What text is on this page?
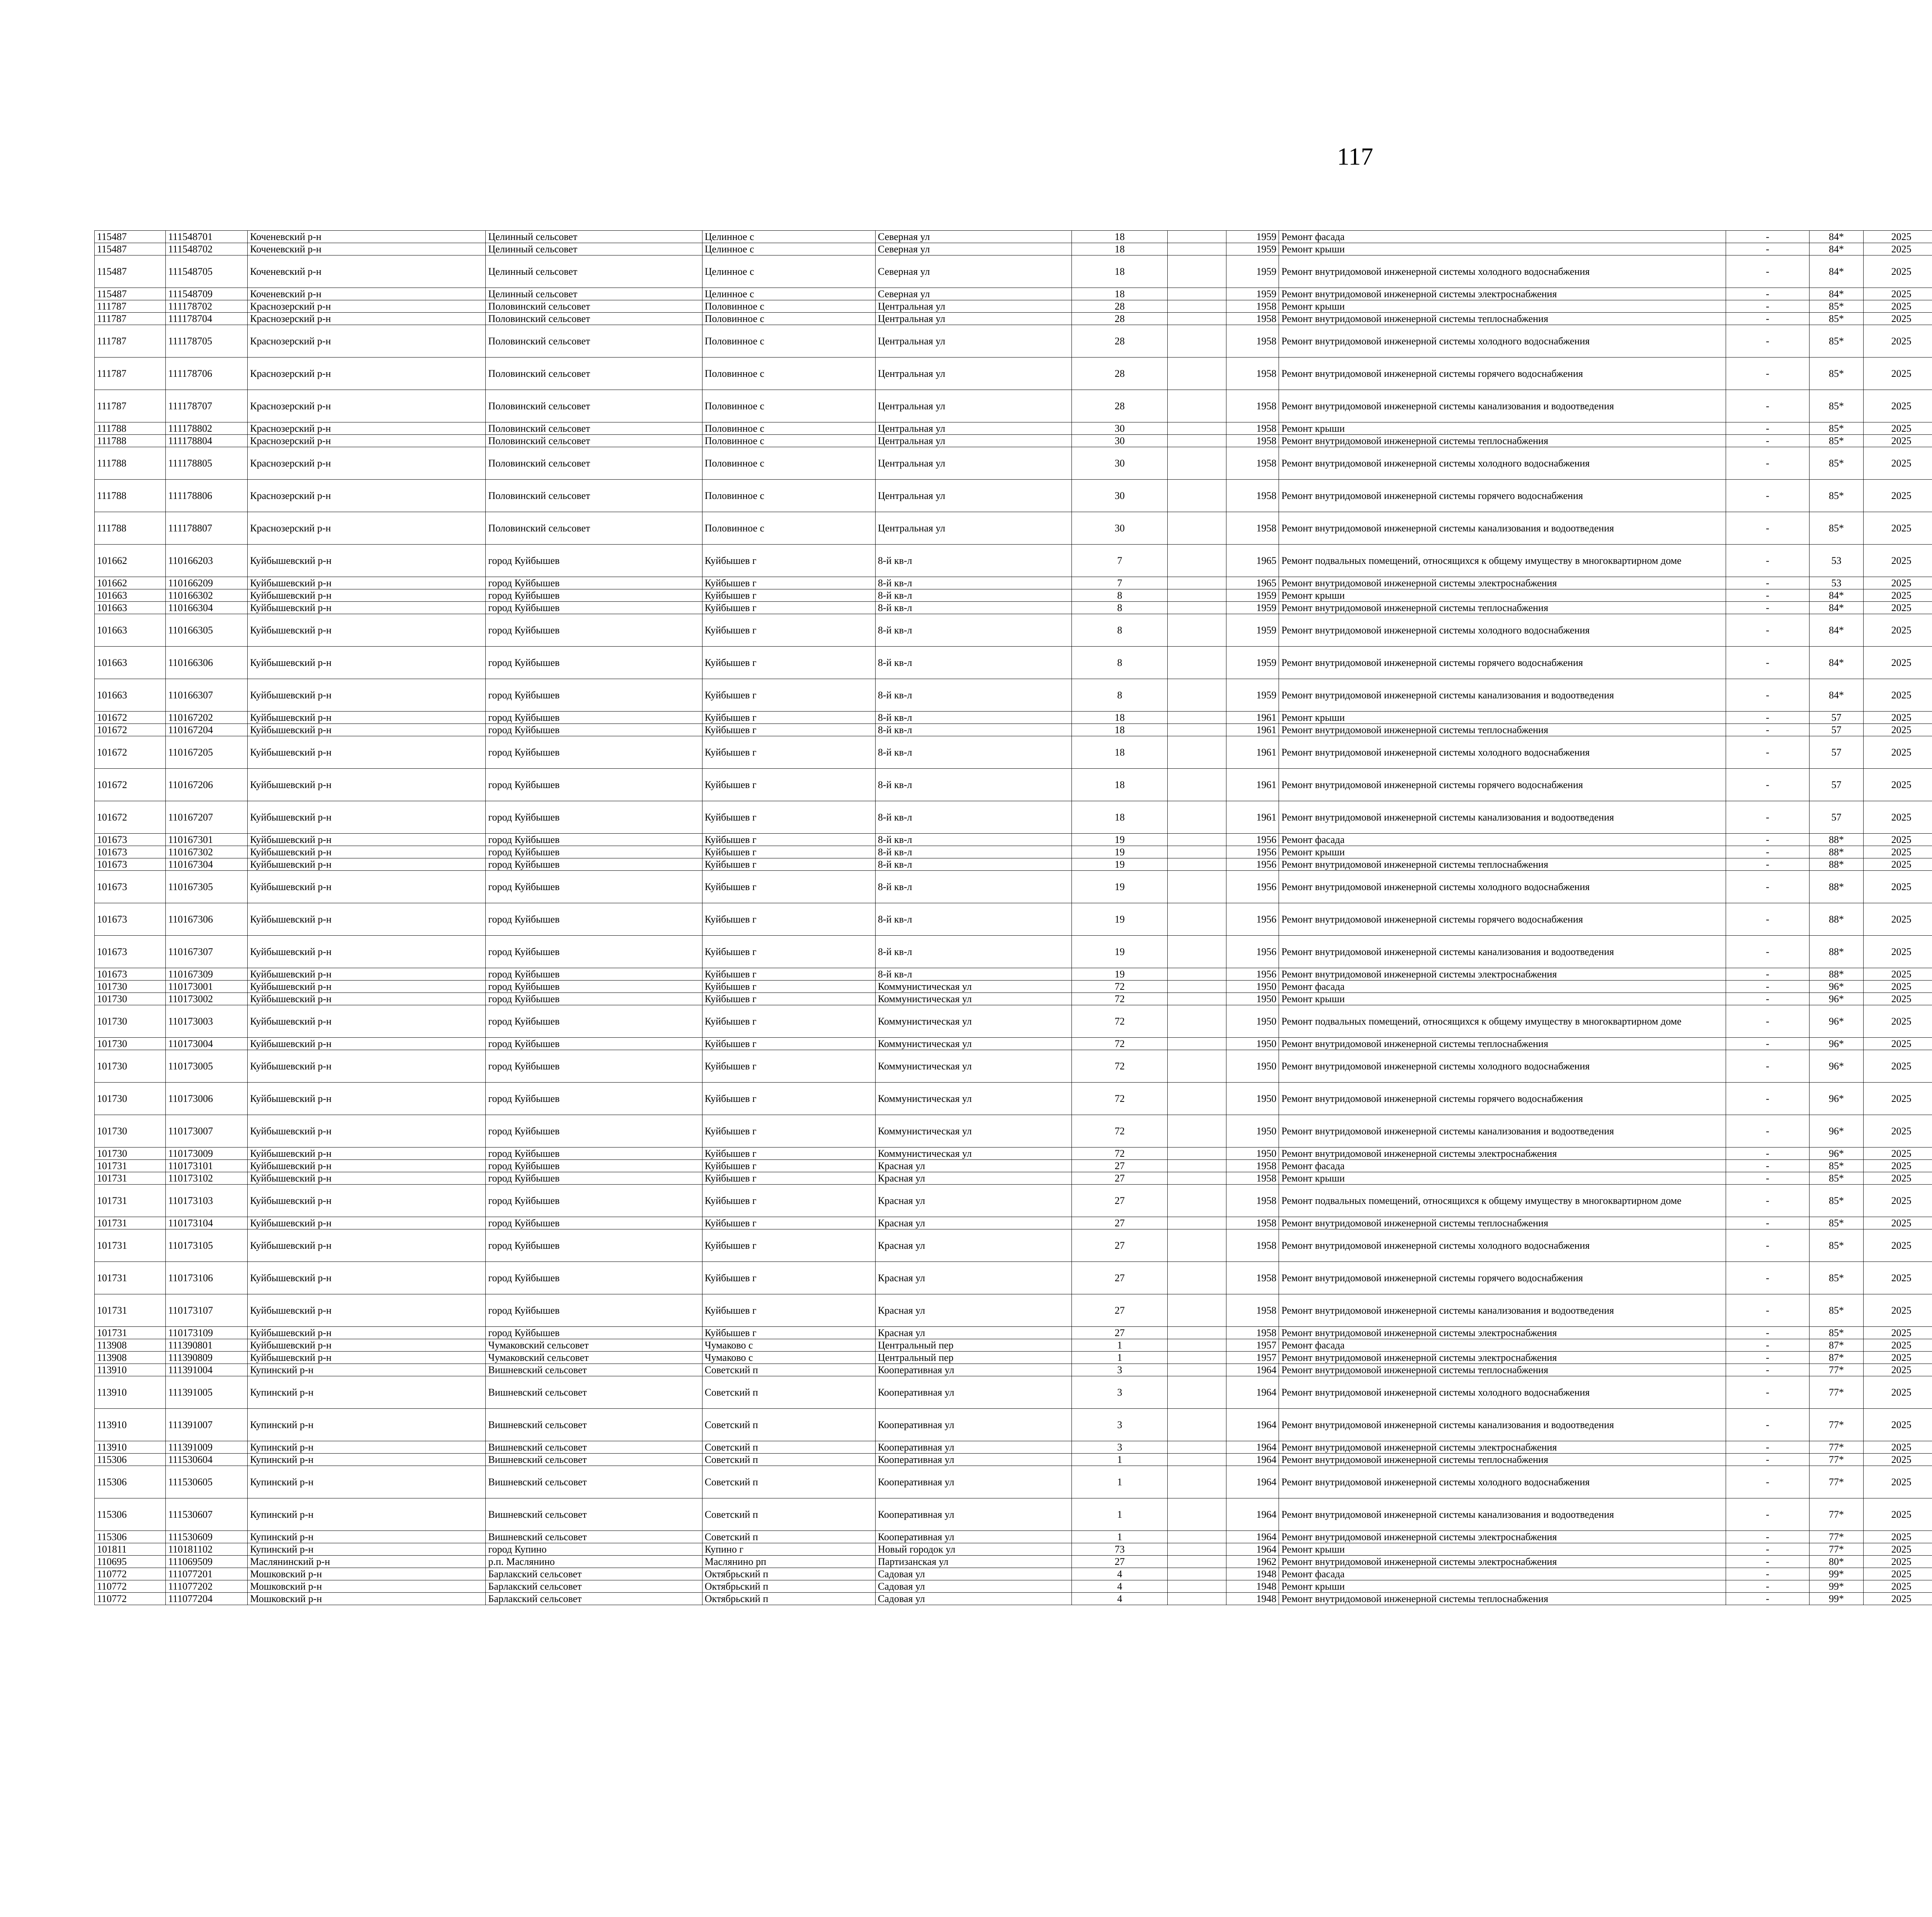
117
115487	111548701	Коченевский р-н	Целинный сельсовет	Целинное с	Северная ул	18		1959	Ремонт фасада	-	84*	2025						
115487	111548702	Коченевский р-н	Целинный сельсовет	Целинное с	Северная ул	18		1959	Ремонт крыши	-	84*	2025						
115487	111548705	Коченевский р-н	Целинный сельсовет	Целинное с	Северная ул	18		1959	Ремонт внутридомовой инженерной системы холодного водоснабжения	-	84*	2025						
115487	111548709	Коченевский р-н	Целинный сельсовет	Целинное с	Северная ул	18		1959	Ремонт внутридомовой инженерной системы электроснабжения	-	84*	2025						
111787	111178702	Краснозерский р-н	Половинский сельсовет	Половинное с	Центральная ул	28		1958	Ремонт крыши	-	85*	2025						
111787	111178704	Краснозерский р-н	Половинский сельсовет	Половинное с	Центральная ул	28		1958	Ремонт внутридомовой инженерной системы теплоснабжения	-	85*	2025						
111787	111178705	Краснозерский р-н	Половинский сельсовет	Половинное с	Центральная ул	28		1958	Ремонт внутридомовой инженерной системы холодного водоснабжения	-	85*	2025						
111787	111178706	Краснозерский р-н	Половинский сельсовет	Половинное с	Центральная ул	28		1958	Ремонт внутридомовой инженерной системы горячего водоснабжения	-	85*	2025						
111787	111178707	Краснозерский р-н	Половинский сельсовет	Половинное с	Центральная ул	28		1958	Ремонт внутридомовой инженерной системы канализования и водоотведения	-	85*	2025						
111788	111178802	Краснозерский р-н	Половинский сельсовет	Половинное с	Центральная ул	30		1958	Ремонт крыши	-	85*	2025						
111788	111178804	Краснозерский р-н	Половинский сельсовет	Половинное с	Центральная ул	30		1958	Ремонт внутридомовой инженерной системы теплоснабжения	-	85*	2025						
111788	111178805	Краснозерский р-н	Половинский сельсовет	Половинное с	Центральная ул	30		1958	Ремонт внутридомовой инженерной системы холодного водоснабжения	-	85*	2025						
111788	111178806	Краснозерский р-н	Половинский сельсовет	Половинное с	Центральная ул	30		1958	Ремонт внутридомовой инженерной системы горячего водоснабжения	-	85*	2025						
111788	111178807	Краснозерский р-н	Половинский сельсовет	Половинное с	Центральная ул	30		1958	Ремонт внутридомовой инженерной системы канализования и водоотведения	-	85*	2025						
101662	110166203	Куйбышевский р-н	город Куйбышев	Куйбышев г	8-й кв-л	7		1965	Ремонт подвальных помещений, относящихся к общему имуществу в многоквартирном доме	-	53	2025						
101662	110166209	Куйбышевский р-н	город Куйбышев	Куйбышев г	8-й кв-л	7		1965	Ремонт внутридомовой инженерной системы электроснабжения	-	53	2025						
101663	110166302	Куйбышевский р-н	город Куйбышев	Куйбышев г	8-й кв-л	8		1959	Ремонт крыши	-	84*	2025						
101663	110166304	Куйбышевский р-н	город Куйбышев	Куйбышев г	8-й кв-л	8		1959	Ремонт внутридомовой инженерной системы теплоснабжения	-	84*	2025						
101663	110166305	Куйбышевский р-н	город Куйбышев	Куйбышев г	8-й кв-л	8		1959	Ремонт внутридомовой инженерной системы холодного водоснабжения	-	84*	2025						
101663	110166306	Куйбышевский р-н	город Куйбышев	Куйбышев г	8-й кв-л	8		1959	Ремонт внутридомовой инженерной системы горячего водоснабжения	-	84*	2025						
101663	110166307	Куйбышевский р-н	город Куйбышев	Куйбышев г	8-й кв-л	8		1959	Ремонт внутридомовой инженерной системы канализования и водоотведения	-	84*	2025						
101672	110167202	Куйбышевский р-н	город Куйбышев	Куйбышев г	8-й кв-л	18		1961	Ремонт крыши	-	57	2025						
101672	110167204	Куйбышевский р-н	город Куйбышев	Куйбышев г	8-й кв-л	18		1961	Ремонт внутридомовой инженерной системы теплоснабжения	-	57	2025						
101672	110167205	Куйбышевский р-н	город Куйбышев	Куйбышев г	8-й кв-л	18		1961	Ремонт внутридомовой инженерной системы холодного водоснабжения	-	57	2025						
101672	110167206	Куйбышевский р-н	город Куйбышев	Куйбышев г	8-й кв-л	18		1961	Ремонт внутридомовой инженерной системы горячего водоснабжения	-	57	2025						
101672	110167207	Куйбышевский р-н	город Куйбышев	Куйбышев г	8-й кв-л	18		1961	Ремонт внутридомовой инженерной системы канализования и водоотведения	-	57	2025						
101673	110167301	Куйбышевский р-н	город Куйбышев	Куйбышев г	8-й кв-л	19		1956	Ремонт фасада	-	88*	2025						
101673	110167302	Куйбышевский р-н	город Куйбышев	Куйбышев г	8-й кв-л	19		1956	Ремонт крыши	-	88*	2025						
101673	110167304	Куйбышевский р-н	город Куйбышев	Куйбышев г	8-й кв-л	19		1956	Ремонт внутридомовой инженерной системы теплоснабжения	-	88*	2025						
101673	110167305	Куйбышевский р-н	город Куйбышев	Куйбышев г	8-й кв-л	19		1956	Ремонт внутридомовой инженерной системы холодного водоснабжения	-	88*	2025						
101673	110167306	Куйбышевский р-н	город Куйбышев	Куйбышев г	8-й кв-л	19		1956	Ремонт внутридомовой инженерной системы горячего водоснабжения	-	88*	2025						
101673	110167307	Куйбышевский р-н	город Куйбышев	Куйбышев г	8-й кв-л	19		1956	Ремонт внутридомовой инженерной системы канализования и водоотведения	-	88*	2025						
101673	110167309	Куйбышевский р-н	город Куйбышев	Куйбышев г	8-й кв-л	19		1956	Ремонт внутридомовой инженерной системы электроснабжения	-	88*	2025						
101730	110173001	Куйбышевский р-н	город Куйбышев	Куйбышев г	Коммунистическая ул	72		1950	Ремонт фасада	-	96*	2025						
101730	110173002	Куйбышевский р-н	город Куйбышев	Куйбышев г	Коммунистическая ул	72		1950	Ремонт крыши	-	96*	2025						
101730	110173003	Куйбышевский р-н	город Куйбышев	Куйбышев г	Коммунистическая ул	72		1950	Ремонт подвальных помещений, относящихся к общему имуществу в многоквартирном доме	-	96*	2025						
101730	110173004	Куйбышевский р-н	город Куйбышев	Куйбышев г	Коммунистическая ул	72		1950	Ремонт внутридомовой инженерной системы теплоснабжения	-	96*	2025						
101730	110173005	Куйбышевский р-н	город Куйбышев	Куйбышев г	Коммунистическая ул	72		1950	Ремонт внутридомовой инженерной системы холодного водоснабжения	-	96*	2025						
101730	110173006	Куйбышевский р-н	город Куйбышев	Куйбышев г	Коммунистическая ул	72		1950	Ремонт внутридомовой инженерной системы горячего водоснабжения	-	96*	2025						
101730	110173007	Куйбышевский р-н	город Куйбышев	Куйбышев г	Коммунистическая ул	72		1950	Ремонт внутридомовой инженерной системы канализования и водоотведения	-	96*	2025						
101730	110173009	Куйбышевский р-н	город Куйбышев	Куйбышев г	Коммунистическая ул	72		1950	Ремонт внутридомовой инженерной системы электроснабжения	-	96*	2025						
101731	110173101	Куйбышевский р-н	город Куйбышев	Куйбышев г	Красная ул	27		1958	Ремонт фасада	-	85*	2025						
101731	110173102	Куйбышевский р-н	город Куйбышев	Куйбышев г	Красная ул	27		1958	Ремонт крыши	-	85*	2025						
101731	110173103	Куйбышевский р-н	город Куйбышев	Куйбышев г	Красная ул	27		1958	Ремонт подвальных помещений, относящихся к общему имуществу в многоквартирном доме	-	85*	2025						
101731	110173104	Куйбышевский р-н	город Куйбышев	Куйбышев г	Красная ул	27		1958	Ремонт внутридомовой инженерной системы теплоснабжения	-	85*	2025						
101731	110173105	Куйбышевский р-н	город Куйбышев	Куйбышев г	Красная ул	27		1958	Ремонт внутридомовой инженерной системы холодного водоснабжения	-	85*	2025						
101731	110173106	Куйбышевский р-н	город Куйбышев	Куйбышев г	Красная ул	27		1958	Ремонт внутридомовой инженерной системы горячего водоснабжения	-	85*	2025						
101731	110173107	Куйбышевский р-н	город Куйбышев	Куйбышев г	Красная ул	27		1958	Ремонт внутридомовой инженерной системы канализования и водоотведения	-	85*	2025						
101731	110173109	Куйбышевский р-н	город Куйбышев	Куйбышев г	Красная ул	27		1958	Ремонт внутридомовой инженерной системы электроснабжения	-	85*	2025						
113908	111390801	Куйбышевский р-н	Чумаковский сельсовет	Чумаково с	Центральный пер	1		1957	Ремонт фасада	-	87*	2025						
113908	111390809	Куйбышевский р-н	Чумаковский сельсовет	Чумаково с	Центральный пер	1		1957	Ремонт внутридомовой инженерной системы электроснабжения	-	87*	2025						
113910	111391004	Купинский р-н	Вишневский сельсовет	Советский п	Кооперативная ул	3		1964	Ремонт внутридомовой инженерной системы теплоснабжения	-	77*	2025						
113910	111391005	Купинский р-н	Вишневский сельсовет	Советский п	Кооперативная ул	3		1964	Ремонт внутридомовой инженерной системы холодного водоснабжения	-	77*	2025						
113910	111391007	Купинский р-н	Вишневский сельсовет	Советский п	Кооперативная ул	3		1964	Ремонт внутридомовой инженерной системы канализования и водоотведения	-	77*	2025						
113910	111391009	Купинский р-н	Вишневский сельсовет	Советский п	Кооперативная ул	3		1964	Ремонт внутридомовой инженерной системы электроснабжения	-	77*	2025						
115306	111530604	Купинский р-н	Вишневский сельсовет	Советский п	Кооперативная ул	1		1964	Ремонт внутридомовой инженерной системы теплоснабжения	-	77*	2025						
115306	111530605	Купинский р-н	Вишневский сельсовет	Советский п	Кооперативная ул	1		1964	Ремонт внутридомовой инженерной системы холодного водоснабжения	-	77*	2025						
115306	111530607	Купинский р-н	Вишневский сельсовет	Советский п	Кооперативная ул	1		1964	Ремонт внутридомовой инженерной системы канализования и водоотведения	-	77*	2025						
115306	111530609	Купинский р-н	Вишневский сельсовет	Советский п	Кооперативная ул	1		1964	Ремонт внутридомовой инженерной системы электроснабжения	-	77*	2025						
101811	110181102	Купинский р-н	город Купино	Купино г	Новый городок ул	73		1964	Ремонт крыши	-	77*	2025						
110695	111069509	Маслянинский р-н	р.п. Маслянино	Маслянино рп	Партизанская ул	27		1962	Ремонт внутридомовой инженерной системы электроснабжения	-	80*	2025						
110772	111077201	Мошковский р-н	Барлакский сельсовет	Октябрьский п	Садовая ул	4		1948	Ремонт фасада	-	99*	2025						
110772	111077202	Мошковский р-н	Барлакский сельсовет	Октябрьский п	Садовая ул	4		1948	Ремонт крыши	-	99*	2025						
110772	111077204	Мошковский р-н	Барлакский сельсовет	Октябрьский п	Садовая ул	4		1948	Ремонт внутридомовой инженерной системы теплоснабжения	-	99*	2025						
